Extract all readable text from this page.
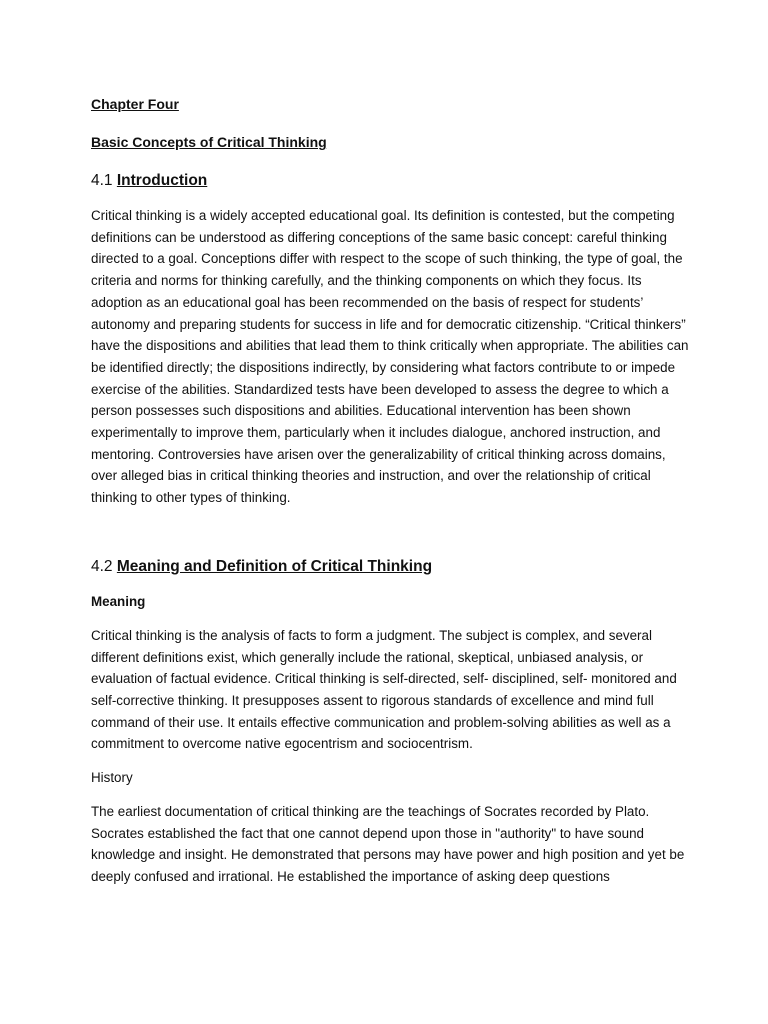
Chapter Four
Basic Concepts of Critical Thinking
4.1 Introduction

Critical thinking is a widely accepted educational goal. Its definition is contested, but the competing definitions can be understood as differing conceptions of the same basic concept: careful thinking directed to a goal. Conceptions differ with respect to the scope of such thinking, the type of goal, the criteria and norms for thinking carefully, and the thinking components on which they focus. Its adoption as an educational goal has been recommended on the basis of respect for students’ autonomy and preparing students for success in life and for democratic citizenship. “Critical thinkers” have the dispositions and abilities that lead them to think critically when appropriate. The abilities can be identified directly; the dispositions indirectly, by considering what factors contribute to or impede exercise of the abilities. Standardized tests have been developed to assess the degree to which a person possesses such dispositions and abilities. Educational intervention has been shown experimentally to improve them, particularly when it includes dialogue, anchored instruction, and mentoring. Controversies have arisen over the generalizability of critical thinking across domains, over alleged bias in critical thinking theories and instruction, and over the relationship of critical thinking to other types of thinking.

4.2 Meaning and Definition of Critical Thinking
Meaning

Critical thinking is the analysis of facts to form a judgment. The subject is complex, and several different definitions exist, which generally include the rational, skeptical, unbiased analysis, or evaluation of factual evidence. Critical thinking is self-directed, self- disciplined, self- monitored and self-corrective thinking. It presupposes assent to rigorous standards of excellence and mind full command of their use. It entails effective communication and problem-solving abilities as well as a commitment to overcome native egocentrism and sociocentrism.

History

The earliest documentation of critical thinking are the teachings of Socrates recorded by Plato. Socrates established the fact that one cannot depend upon those in "authority" to have sound knowledge and insight. He demonstrated that persons may have power and high position and yet be deeply confused and irrational. He established the importance of asking deep questions
